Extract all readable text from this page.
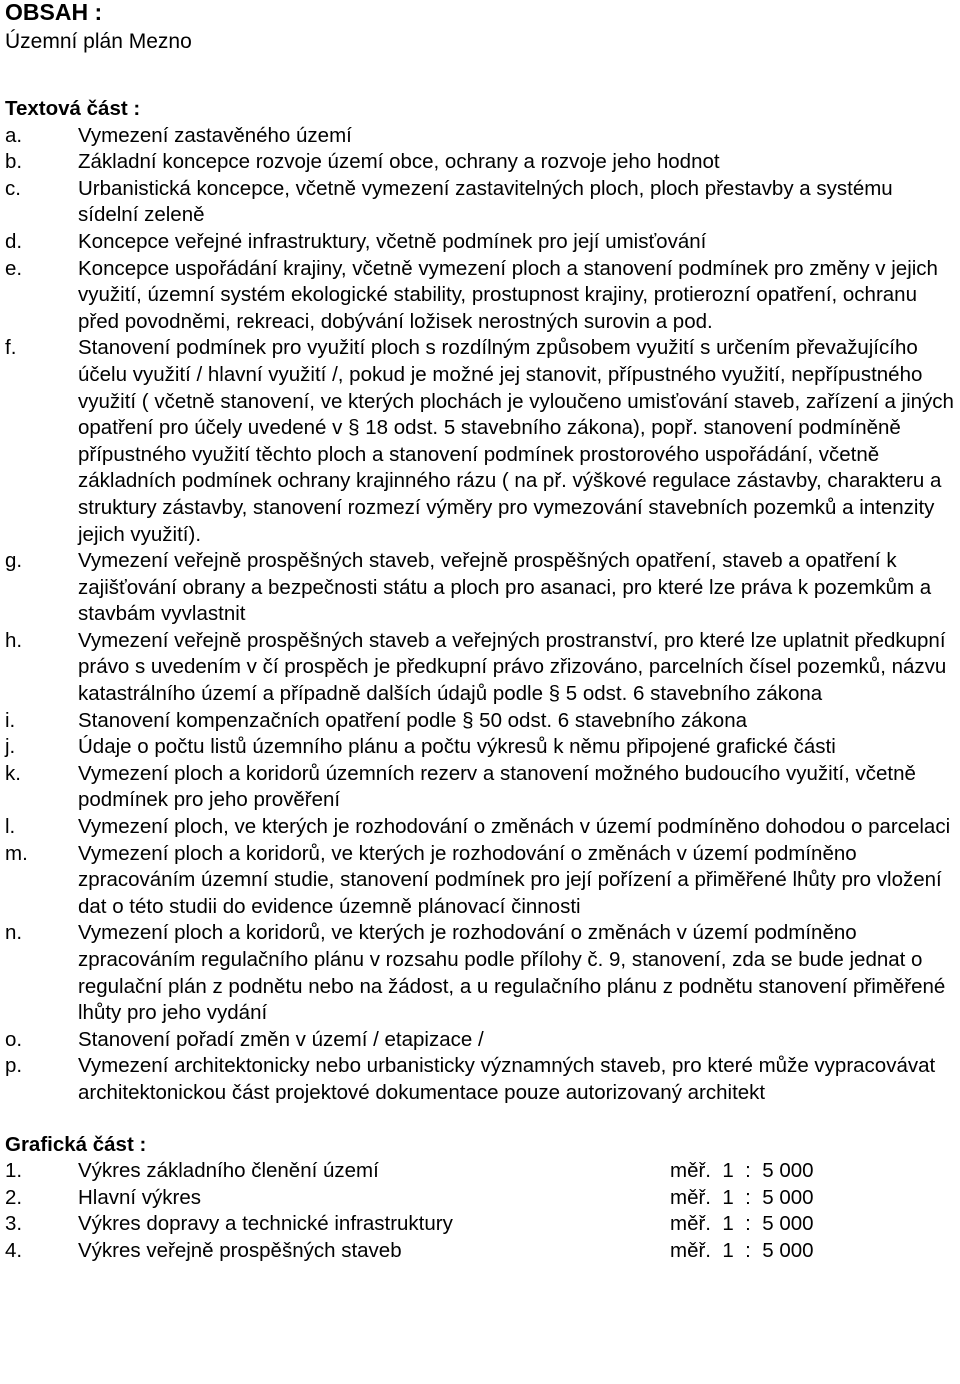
OBSAH :
Územní plán Mezno
Textová část :
a.	Vymezení zastavěného území
b.	Základní koncepce rozvoje území obce, ochrany a rozvoje jeho hodnot
c.	Urbanistická koncepce, včetně vymezení zastavitelných ploch, ploch přestavby a systému sídelní zeleně
d.	Koncepce veřejné infrastruktury, včetně podmínek pro její umisťování
e.	Koncepce uspořádání krajiny, včetně vymezení ploch a stanovení podmínek pro změny v jejich využití, územní systém ekologické stability, prostupnost krajiny, protierozní opatření, ochranu před povodněmi, rekreaci, dobývání ložisek nerostných surovin a pod.
f.	Stanovení podmínek pro využití ploch s rozdílným způsobem využití s určením převažujícího účelu využití / hlavní využití /, pokud je možné jej stanovit, přípustného využití, nepřípustného využití ( včetně stanovení, ve kterých plochách je vyloučeno umisťování staveb, zařízení a jiných opatření pro účely uvedené v § 18 odst. 5 stavebního zákona), popř. stanovení podmíněně přípustného využití těchto ploch a stanovení podmínek prostorového uspořádání, včetně základních podmínek ochrany krajinného rázu ( na př. výškové regulace zástavby, charakteru a struktury zástavby, stanovení rozmezí výměry pro vymezování stavebních pozemků a intenzity jejich využití).
g.	Vymezení veřejně prospěšných staveb, veřejně prospěšných opatření, staveb a opatření k zajišťování obrany a bezpečnosti státu a ploch pro asanaci, pro které lze práva k pozemkům a stavbám vyvlastnit
h.	Vymezení veřejně prospěšných staveb a veřejných prostranství, pro které lze uplatnit předkupní právo s uvedením v čí prospěch je předkupní právo zřizováno, parcelních čísel pozemků, názvu katastrálního území a případně dalších údajů podle § 5 odst. 6 stavebního zákona
i.	Stanovení kompenzačních opatření podle § 50 odst. 6 stavebního zákona
j.	Údaje o počtu listů územního plánu a počtu výkresů k němu připojené grafické části
k.	Vymezení ploch a koridorů územních rezerv a stanovení možného budoucího využití, včetně podmínek pro jeho prověření
l.	Vymezení ploch, ve kterých je rozhodování o změnách v území podmíněno dohodou o parcelaci
m. Vymezení ploch a koridorů, ve kterých je rozhodování o změnách v území podmíněno zpracováním územní studie, stanovení podmínek pro její pořízení a přiměřené lhůty pro vložení dat o této studii do evidence územně plánovací činnosti
n.	Vymezení ploch a koridorů, ve kterých je rozhodování o změnách v území podmíněno zpracováním regulačního plánu v rozsahu podle přílohy č. 9, stanovení, zda se bude jednat o regulační plán z podnětu nebo na žádost, a u regulačního plánu z podnětu stanovení přiměřené lhůty pro jeho vydání
o.	Stanovení pořadí změn v území / etapizace /
p.	Vymezení architektonicky nebo urbanisticky významných staveb, pro které může vypracovávat architektonickou část projektové dokumentace pouze autorizovaný architekt
Grafická část :
1.	Výkres základního členění území	měř.  1  :  5 000
2.	Hlavní výkres	měř.  1  :  5 000
3.	Výkres dopravy a technické infrastruktury	měř.  1  :  5 000
4.	Výkres veřejně prospěšných staveb	měř.  1  :  5 000
